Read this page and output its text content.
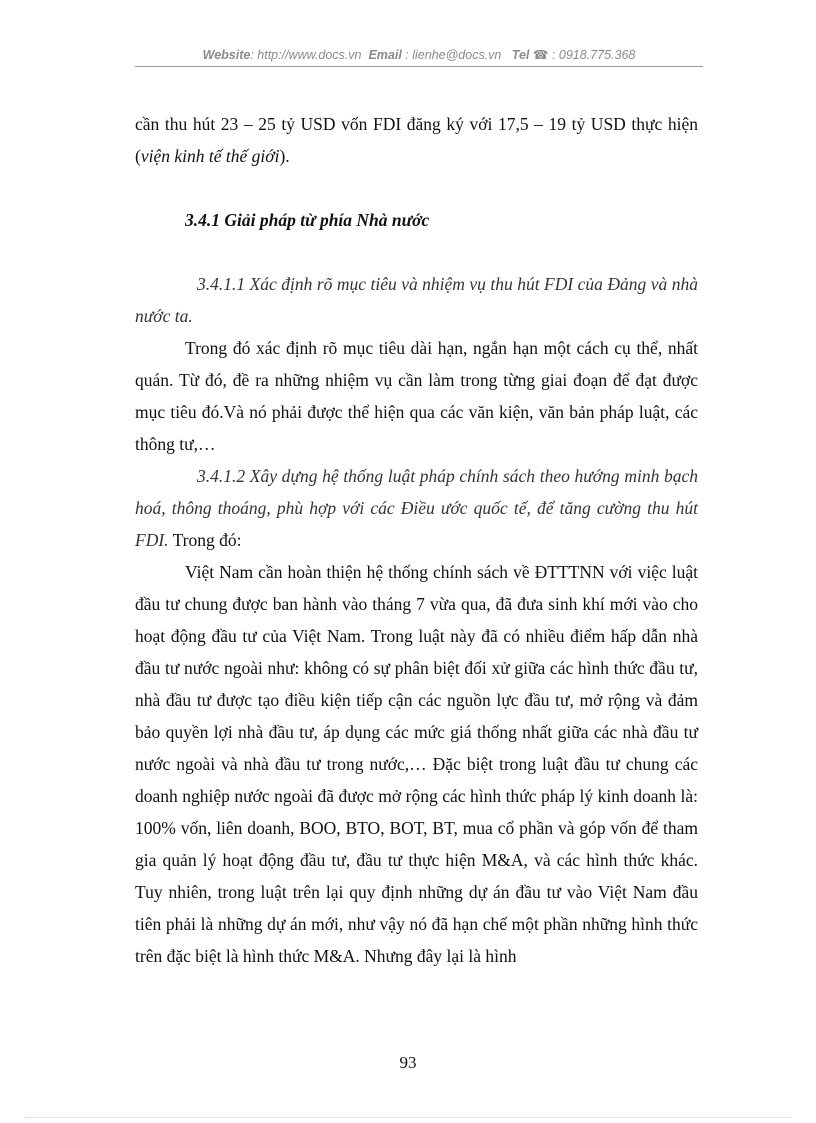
Website: http://www.docs.vn Email : lienhe@docs.vn Tel ☎ : 0918.775.368

cần thu hút 23 – 25 tỷ USD vốn FDI đăng ký với 17,5 – 19 tỷ USD thực hiện (viện kinh tế thế giới).

3.4.1 Giải pháp từ phía Nhà nước

3.4.1.1 Xác định rõ mục tiêu và nhiệm vụ thu hút FDI của Đảng và nhà nước ta.

Trong đó xác định rõ mục tiêu dài hạn, ngắn hạn một cách cụ thể, nhất quán. Từ đó, đề ra những nhiệm vụ cần làm trong từng giai đoạn để đạt được mục tiêu đó.Và nó phải được thể hiện qua các văn kiện, văn bản pháp luật, các thông tư,…

3.4.1.2 Xây dựng hệ thống luật pháp chính sách theo hướng minh bạch hoá, thông thoáng, phù hợp với các Điều ước quốc tế, để tăng cường thu hút FDI. Trong đó:

Việt Nam cần hoàn thiện hệ thống chính sách về ĐTTTNN với việc luật đầu tư chung được ban hành vào tháng 7 vừa qua, đã đưa sinh khí mới vào cho hoạt động đầu tư của Việt Nam. Trong luật này đã có nhiều điểm hấp dẫn nhà đầu tư nước ngoài như: không có sự phân biệt đối xử giữa các hình thức đầu tư, nhà đầu tư được tạo điều kiện tiếp cận các nguồn lực đầu tư, mở rộng và đảm bảo quyền lợi nhà đầu tư, áp dụng các mức giá thống nhất giữa các nhà đầu tư nước ngoài và nhà đầu tư trong nước,… Đặc biệt trong luật đầu tư chung các doanh nghiệp nước ngoài đã được mở rộng các hình thức pháp lý kinh doanh là: 100% vốn, liên doanh, BOO, BTO, BOT, BT, mua cổ phần và góp vốn để tham gia quản lý hoạt động đầu tư, đầu tư thực hiện M&A, và các hình thức khác. Tuy nhiên, trong luật trên lại quy định những dự án đầu tư vào Việt Nam đầu tiên phải là những dự án mới, như vậy nó đã hạn chế một phần những hình thức trên đặc biệt là hình thức M&A. Nhưng đây lại là hình

93
